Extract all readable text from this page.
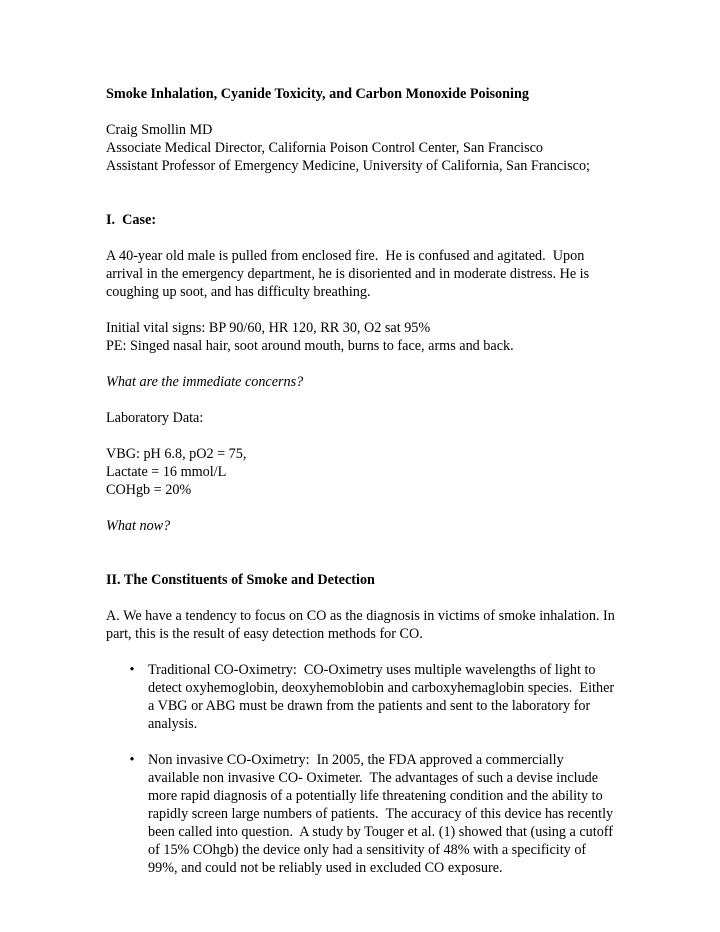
Smoke Inhalation, Cyanide Toxicity, and Carbon Monoxide Poisoning

Craig Smollin MD

Associate Medical Director, California Poison Control Center, San Francisco

Assistant Professor of Emergency Medicine, University of California, San Francisco;

I.  Case:

A 40-year old male is pulled from enclosed fire.  He is confused and agitated.  Upon

arrival in the emergency department, he is disoriented and in moderate distress. He is

coughing up soot, and has difficulty breathing.

Initial vital signs: BP 90/60, HR 120, RR 30, O2 sat 95%

PE: Singed nasal hair, soot around mouth, burns to face, arms and back.

What are the immediate concerns?

Laboratory Data:

VBG: pH 6.8, pO2 = 75,

Lactate = 16 mmol/L

COHgb = 20%

What now?

II. The Constituents of Smoke and Detection

A. We have a tendency to focus on CO as the diagnosis in victims of smoke inhalation. In

part, this is the result of easy detection methods for CO.

• Traditional CO-Oximetry:  CO-Oximetry uses multiple wavelengths of light to

detect oxyhemoglobin, deoxyhemoblobin and carboxyhemaglobin species.  Either

a VBG or ABG must be drawn from the patients and sent to the laboratory for

analysis.

• Non invasive CO-Oximetry:  In 2005, the FDA approved a commercially

available non invasive CO- Oximeter.  The advantages of such a devise include

more rapid diagnosis of a potentially life threatening condition and the ability to

rapidly screen large numbers of patients.  The accuracy of this device has recently

been called into question.  A study by Touger et al. (1) showed that (using a cutoff

of 15% COhgb) the device only had a sensitivity of 48% with a specificity of

99%, and could not be reliably used in excluded CO exposure.
